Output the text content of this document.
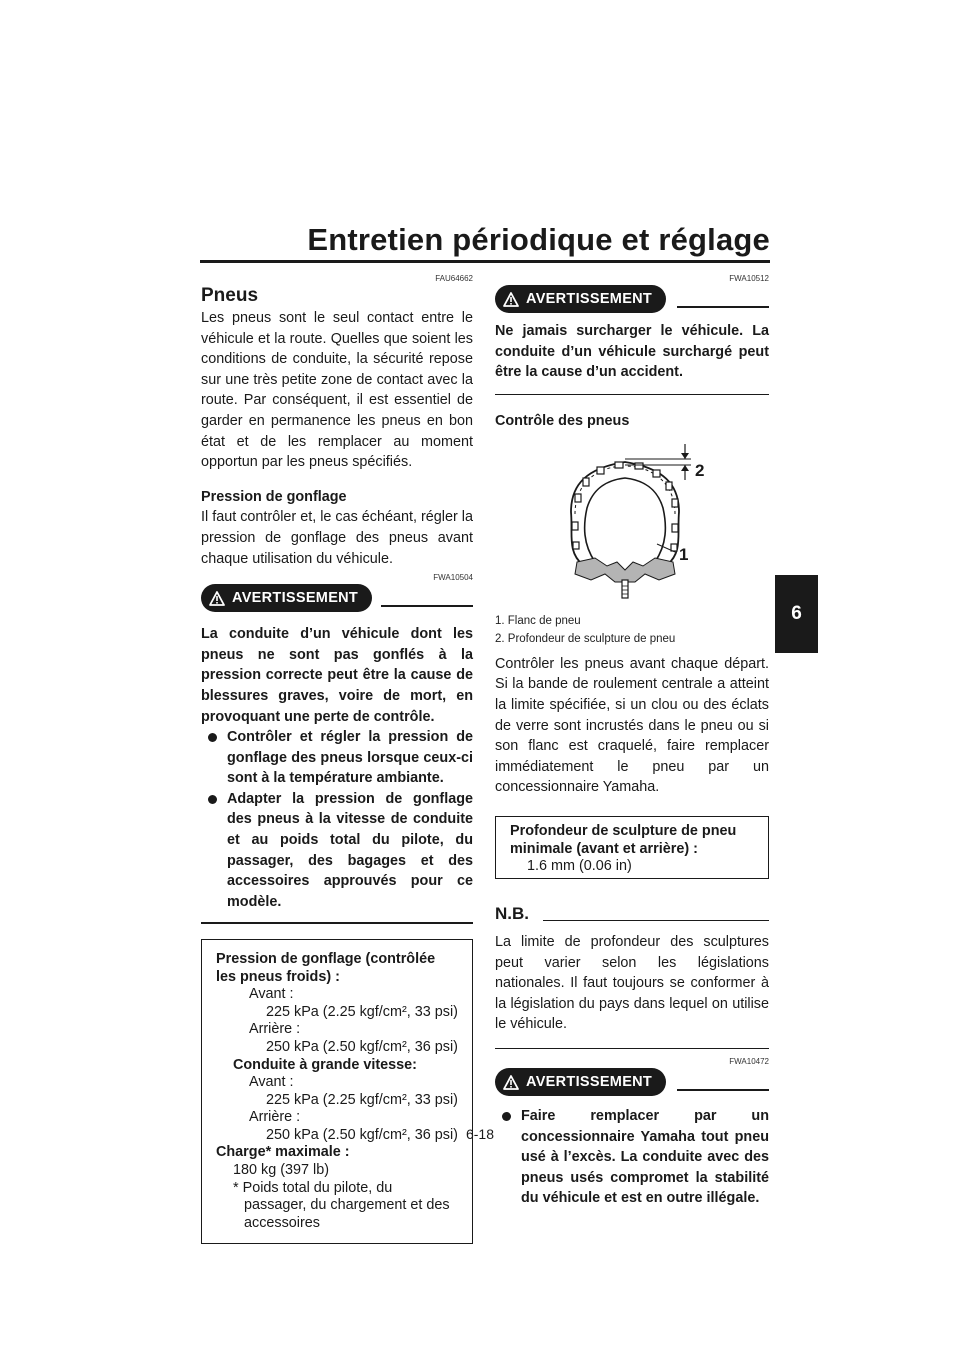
Entretien périodique et réglage
6
FAU64662
Pneus

Les pneus sont le seul contact entre le véhicule et la route. Quelles que soient les conditions de conduite, la sécurité repose sur une très petite zone de contact avec la route. Par conséquent, il est essentiel de garder en permanence les pneus en bon état et de les remplacer au moment opportun par les pneus spécifiés.

Pression de gonflage

Il faut contrôler et, le cas échéant, régler la pression de gonflage des pneus avant chaque utilisation du véhicule.

FWA10504
AVERTISSEMENT

La conduite d’un véhicule dont les pneus ne sont pas gonflés à la pression correcte peut être la cause de blessures graves, voire de mort, en provoquant une perte de contrôle.

Contrôler et régler la pression de gonflage des pneus lorsque ceux-ci sont à la température ambiante.
Adapter la pression de gonflage des pneus à la vitesse de conduite et au poids total du pilote, du passager, des bagages et des accessoires approuvés pour ce modèle.
Pression de gonflage (contrôlée les pneus froids) :
Avant :
225 kPa (2.25 kgf/cm², 33 psi)
Arrière :
250 kPa (2.50 kgf/cm², 36 psi)
Conduite à grande vitesse:
Avant :
225 kPa (2.25 kgf/cm², 33 psi)
Arrière :
250 kPa (2.50 kgf/cm², 36 psi)
Charge* maximale :
180 kg (397 lb)
* Poids total du pilote, du passager, du chargement et des accessoires
FWA10512
AVERTISSEMENT

Ne jamais surcharger le véhicule. La conduite d’un véhicule surchargé peut être la cause d’un accident.

Contrôle des pneus
2
1
1. Flanc de pneu
2. Profondeur de sculpture de pneu

Contrôler les pneus avant chaque départ. Si la bande de roulement centrale a atteint la limite spécifiée, si un clou ou des éclats de verre sont incrustés dans le pneu ou si son flanc est craquelé, faire remplacer immédiatement le pneu par un concessionnaire Yamaha.

Profondeur de sculpture de pneu minimale (avant et arrière) :
1.6 mm (0.06 in)
N.B.

La limite de profondeur des sculptures peut varier selon les législations nationales. Il faut toujours se conformer à la législation du pays dans lequel on utilise le véhicule.

FWA10472
AVERTISSEMENT
Faire remplacer par un concessionnaire Yamaha tout pneu usé à l’excès. La conduite avec des pneus usés compromet la stabilité du véhicule et est en outre illégale.
6-18
